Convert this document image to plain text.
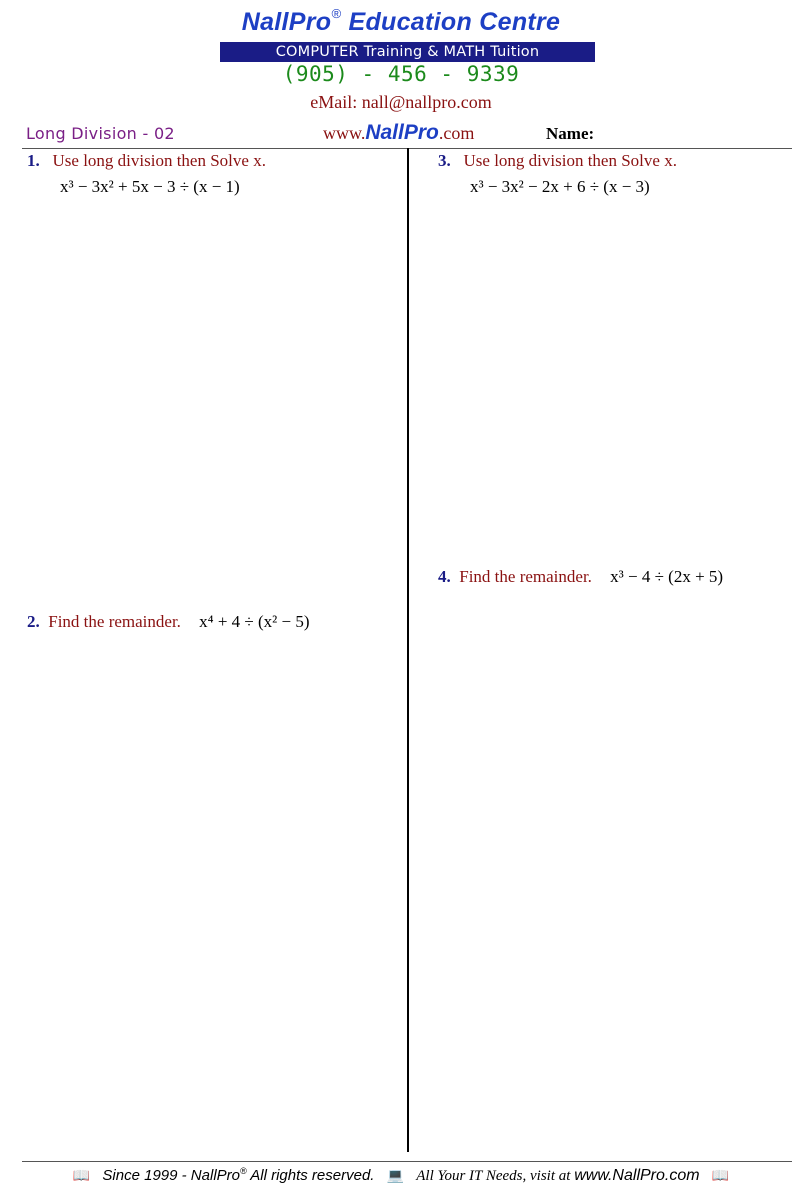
NallPro® Education Centre
COMPUTER Training & MATH Tuition
(905) - 456 - 9339
eMail: nall@nallpro.com
Long Division - 02	www.NallPro.com	Name:
1. Use long division then Solve x.
x³ − 3x² + 5x − 3 ÷ (x − 1)
3. Use long division then Solve x.
x³ − 3x² − 2x + 6 ÷ (x − 3)
4. Find the remainder. x³ − 4 ÷ (2x + 5)
2. Find the remainder. x⁴ + 4 ÷ (x² − 5)
📖 Since 1999 - NallPro® All rights reserved. 💻 All Your IT Needs, visit at www.NallPro.com 📖
